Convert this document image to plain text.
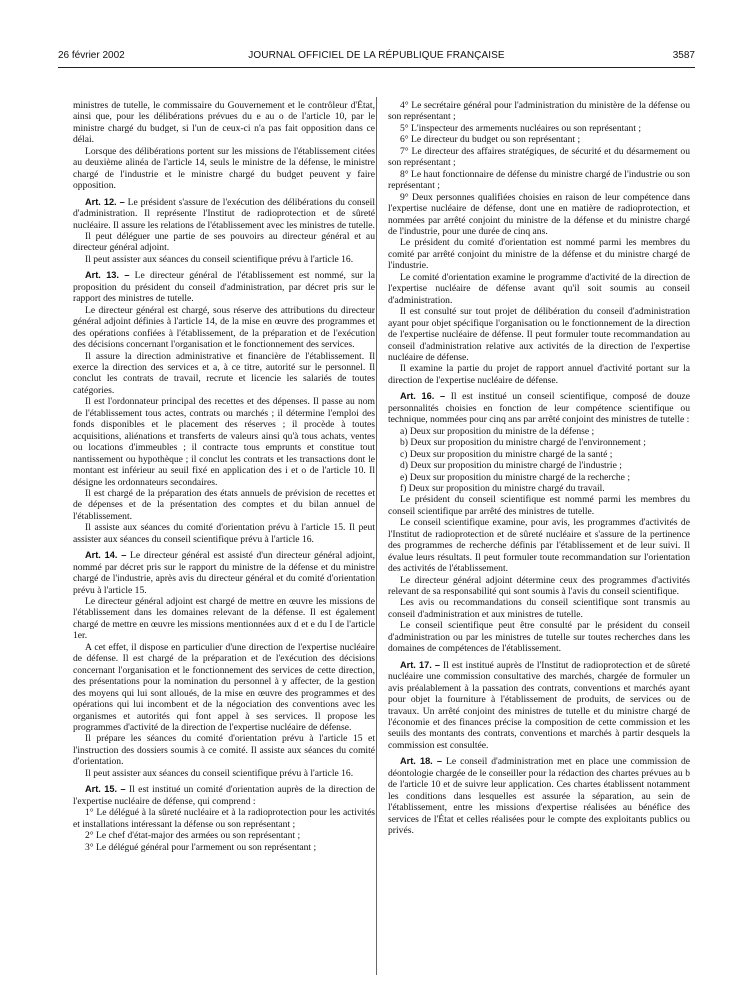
26 février 2002	JOURNAL OFFICIEL DE LA RÉPUBLIQUE FRANÇAISE	3587

ministres de tutelle, le commissaire du Gouvernement et le contrôleur d'État, ainsi que, pour les délibérations prévues du e au o de l'article 10, par le ministre chargé du budget, si l'un de ceux-ci n'a pas fait opposition dans ce délai.

Lorsque des délibérations portent sur les missions de l'établissement citées au deuxième alinéa de l'article 14, seuls le ministre de la défense, le ministre chargé de l'industrie et le ministre chargé du budget peuvent y faire opposition.

Art. 12. – Le président s'assure de l'exécution des délibérations du conseil d'administration. Il représente l'Institut de radioprotection et de sûreté nucléaire. Il assure les relations de l'établissement avec les ministres de tutelle.

Il peut déléguer une partie de ses pouvoirs au directeur général et au directeur général adjoint.

Il peut assister aux séances du conseil scientifique prévu à l'article 16.

Art. 13. – Le directeur général de l'établissement est nommé, sur la proposition du président du conseil d'administration, par décret pris sur le rapport des ministres de tutelle.

Le directeur général est chargé, sous réserve des attributions du directeur général adjoint définies à l'article 14, de la mise en œuvre des programmes et des opérations confiées à l'établissement, de la préparation et de l'exécution des décisions concernant l'organisation et le fonctionnement des services.

Il assure la direction administrative et financière de l'établissement. Il exerce la direction des services et a, à ce titre, autorité sur le personnel. Il conclut les contrats de travail, recrute et licencie les salariés de toutes catégories.

Il est l'ordonnateur principal des recettes et des dépenses. Il passe au nom de l'établissement tous actes, contrats ou marchés ; il détermine l'emploi des fonds disponibles et le placement des réserves ; il procède à toutes acquisitions, aliénations et transferts de valeurs ainsi qu'à tous achats, ventes ou locations d'immeubles ; il contracte tous emprunts et constitue tout nantissement ou hypothèque ; il conclut les contrats et les transactions dont le montant est inférieur au seuil fixé en application des i et o de l'article 10. Il désigne les ordonnateurs secondaires.

Il est chargé de la préparation des états annuels de prévision de recettes et de dépenses et de la présentation des comptes et du bilan annuel de l'établissement.

Il assiste aux séances du comité d'orientation prévu à l'article 15. Il peut assister aux séances du conseil scientifique prévu à l'article 16.

Art. 14. – Le directeur général est assisté d'un directeur général adjoint, nommé par décret pris sur le rapport du ministre de la défense et du ministre chargé de l'industrie, après avis du directeur général et du comité d'orientation prévu à l'article 15.

Le directeur général adjoint est chargé de mettre en œuvre les missions de l'établissement dans les domaines relevant de la défense. Il est également chargé de mettre en œuvre les missions mentionnées aux d et e du I de l'article 1er.

A cet effet, il dispose en particulier d'une direction de l'expertise nucléaire de défense. Il est chargé de la préparation et de l'exécution des décisions concernant l'organisation et le fonctionnement des services de cette direction, des présentations pour la nomination du personnel à y affecter, de la gestion des moyens qui lui sont alloués, de la mise en œuvre des programmes et des opérations qui lui incombent et de la négociation des conventions avec les organismes et autorités qui font appel à ses services. Il propose les programmes d'activité de la direction de l'expertise nucléaire de défense.

Il prépare les séances du comité d'orientation prévu à l'article 15 et l'instruction des dossiers soumis à ce comité. Il assiste aux séances du comité d'orientation.

Il peut assister aux séances du conseil scientifique prévu à l'article 16.

Art. 15. – Il est institué un comité d'orientation auprès de la direction de l'expertise nucléaire de défense, qui comprend :

1° Le délégué à la sûreté nucléaire et à la radioprotection pour les activités et installations intéressant la défense ou son représentant ;

2° Le chef d'état-major des armées ou son représentant ;

3° Le délégué général pour l'armement ou son représentant ;

4° Le secrétaire général pour l'administration du ministère de la défense ou son représentant ;

5° L'inspecteur des armements nucléaires ou son représentant ;

6° Le directeur du budget ou son représentant ;

7° Le directeur des affaires stratégiques, de sécurité et du désarmement ou son représentant ;

8° Le haut fonctionnaire de défense du ministre chargé de l'industrie ou son représentant ;

9° Deux personnes qualifiées choisies en raison de leur compétence dans l'expertise nucléaire de défense, dont une en matière de radioprotection, et nommées par arrêté conjoint du ministre de la défense et du ministre chargé de l'industrie, pour une durée de cinq ans.

Le président du comité d'orientation est nommé parmi les membres du comité par arrêté conjoint du ministre de la défense et du ministre chargé de l'industrie.

Le comité d'orientation examine le programme d'activité de la direction de l'expertise nucléaire de défense avant qu'il soit soumis au conseil d'administration.

Il est consulté sur tout projet de délibération du conseil d'administration ayant pour objet spécifique l'organisation ou le fonctionnement de la direction de l'expertise nucléaire de défense. Il peut formuler toute recommandation au conseil d'administration relative aux activités de la direction de l'expertise nucléaire de défense.

Il examine la partie du projet de rapport annuel d'activité portant sur la direction de l'expertise nucléaire de défense.

Art. 16. – Il est institué un conseil scientifique, composé de douze personnalités choisies en fonction de leur compétence scientifique ou technique, nommées pour cinq ans par arrêté conjoint des ministres de tutelle :

a) Deux sur proposition du ministre de la défense ;

b) Deux sur proposition du ministre chargé de l'environnement ;

c) Deux sur proposition du ministre chargé de la santé ;

d) Deux sur proposition du ministre chargé de l'industrie ;

e) Deux sur proposition du ministre chargé de la recherche ;

f) Deux sur proposition du ministre chargé du travail.

Le président du conseil scientifique est nommé parmi les membres du conseil scientifique par arrêté des ministres de tutelle.

Le conseil scientifique examine, pour avis, les programmes d'activités de l'Institut de radioprotection et de sûreté nucléaire et s'assure de la pertinence des programmes de recherche définis par l'établissement et de leur suivi. Il évalue leurs résultats. Il peut formuler toute recommandation sur l'orientation des activités de l'établissement.

Le directeur général adjoint détermine ceux des programmes d'activités relevant de sa responsabilité qui sont soumis à l'avis du conseil scientifique.

Les avis ou recommandations du conseil scientifique sont transmis au conseil d'administration et aux ministres de tutelle.

Le conseil scientifique peut être consulté par le président du conseil d'administration ou par les ministres de tutelle sur toutes recherches dans les domaines de compétences de l'établissement.

Art. 17. – Il est institué auprès de l'Institut de radioprotection et de sûreté nucléaire une commission consultative des marchés, chargée de formuler un avis préalablement à la passation des contrats, conventions et marchés ayant pour objet la fourniture à l'établissement de produits, de services ou de travaux. Un arrêté conjoint des ministres de tutelle et du ministre chargé de l'économie et des finances précise la composition de cette commission et les seuils des montants des contrats, conventions et marchés à partir desquels la commission est consultée.

Art. 18. – Le conseil d'administration met en place une commission de déontologie chargée de le conseiller pour la rédaction des chartes prévues au b de l'article 10 et de suivre leur application. Ces chartes établissent notamment les conditions dans lesquelles est assurée la séparation, au sein de l'établissement, entre les missions d'expertise réalisées au bénéfice des services de l'État et celles réalisées pour le compte des exploitants publics ou privés.
